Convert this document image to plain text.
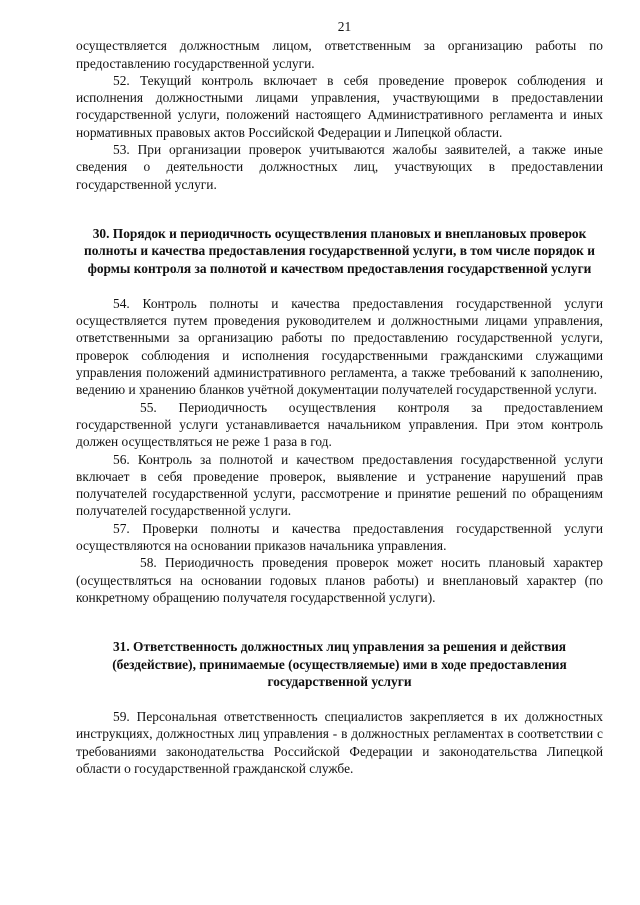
21

осуществляется должностным лицом, ответственным за организацию работы по предоставлению государственной услуги.

52. Текущий контроль включает в себя проведение проверок соблюдения и исполнения должностными лицами управления, участвующими в предоставлении государственной услуги, положений настоящего Административного регламента и иных нормативных правовых актов Российской Федерации и Липецкой области.

53. При организации проверок учитываются жалобы заявителей, а также иные сведения о деятельности должностных лиц, участвующих в предоставлении государственной услуги.

30. Порядок и периодичность осуществления плановых и внеплановых проверок полноты и качества предоставления государственной услуги, в том числе порядок и формы контроля за полнотой и качеством предоставления государственной услуги

54. Контроль полноты и качества предоставления государственной услуги осуществляется путем проведения руководителем и должностными лицами управления, ответственными за организацию работы по предоставлению государственной услуги, проверок соблюдения и исполнения государственными гражданскими служащими управления положений административного регламента, а также требований к заполнению, ведению и хранению бланков учётной документации получателей государственной услуги.

55. Периодичность осуществления контроля за предоставлением государственной услуги устанавливается начальником управления. При этом контроль должен осуществляться не реже 1 раза в год.

56. Контроль за полнотой и качеством предоставления государственной услуги включает в себя проведение проверок, выявление и устранение нарушений прав получателей государственной услуги, рассмотрение и принятие решений по обращениям получателей государственной услуги.

57. Проверки полноты и качества предоставления государственной услуги осуществляются на основании приказов начальника управления.

58. Периодичность проведения проверок может носить плановый характер (осуществляться на основании годовых планов работы) и внеплановый характер (по конкретному обращению получателя государственной услуги).

31. Ответственность должностных лиц управления за решения и действия (бездействие), принимаемые (осуществляемые) ими в ходе предоставления государственной услуги

59. Персональная ответственность специалистов закрепляется в их должностных инструкциях, должностных лиц управления - в должностных регламентах в соответствии с требованиями законодательства Российской Федерации и законодательства Липецкой области о государственной гражданской службе.
